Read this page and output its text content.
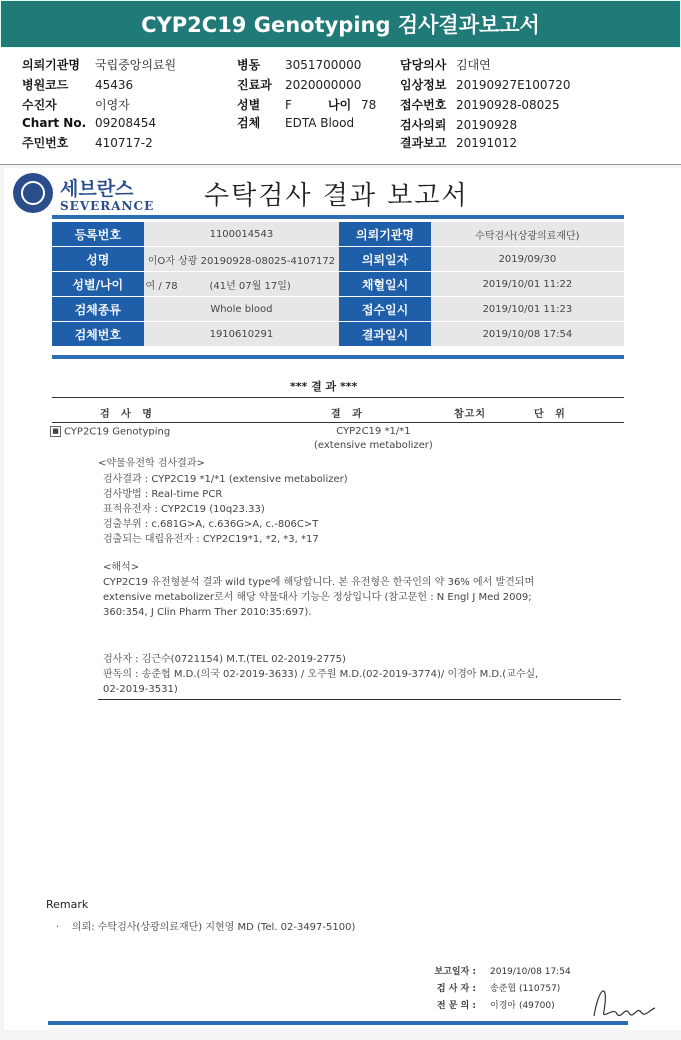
CYP2C19 Genotyping 검사결과보고서
의뢰기관명 국립중앙의료원
병원코드 45436
수진자	이영자
Chart No. 09208454
주민번호 410717-2
병동 3051700000
진료과 2020000000
성별 F	나이 78
검체 EDTA Blood
담당의사 김대연
임상정보 20190927E100720
접수번호 20190928-08025
검사의뢰 20190928
결과보고 20191012
세브란스
SEVERANCE 수탁검사 결과 보고서
등록번호	1100014543	의뢰기관명	수탁검사(상광의료재단)
성명	이O자 상광 20190928-08025-4107172	의뢰일자	2019/09/30
성별/나이	여 / 78          (41년 07월 17일)	채혈일시	2019/10/01 11:22
검체종류	Whole blood	접수일시	2019/10/01 11:23
검체번호	1910610291	결과일시	2019/10/08 17:54
*** 결 과 ***
검 사 명	결 과	참고치	단 위
■ CYP2C19 Genotyping	CYP2C19 *1/*1
(extensive metabolizer)
<약물유전학 검사결과>
검사결과 : CYP2C19 *1/*1 (extensive metabolizer)
검사방법 : Real-time PCR
표적유전자 : CYP2C19 (10q23.33)
검출부위 : c.681G>A, c.636G>A, c.-806C>T
검출되는 대립유전자 : CYP2C19*1, *2, *3, *17
<해석>
CYP2C19 유전형분석 결과 wild type에 해당합니다. 본 유전형은 한국인의 약 36% 에서 발견되며
extensive metabolizer로서 해당 약물대사 기능은 정상입니다 (참고문헌 : N Engl J Med 2009;
360:354, J Clin Pharm Ther 2010:35:697).
검사자 : 김근수(0721154) M.T.(TEL 02-2019-2775)
판독의 : 송준협 M.D.(의국 02-2019-3633) / 오주원 M.D.(02-2019-3774)/ 이경아 M.D.(교수실,
02-2019-3531)
Remark
· 의뢰: 수탁검사(상광의료재단) 지현영 MD (Tel. 02-3497-5100)
보고일자 : 2019/10/08 17:54
검 사 자 : 송준협 (110757)
전 문 의 : 이경아 (49700)
